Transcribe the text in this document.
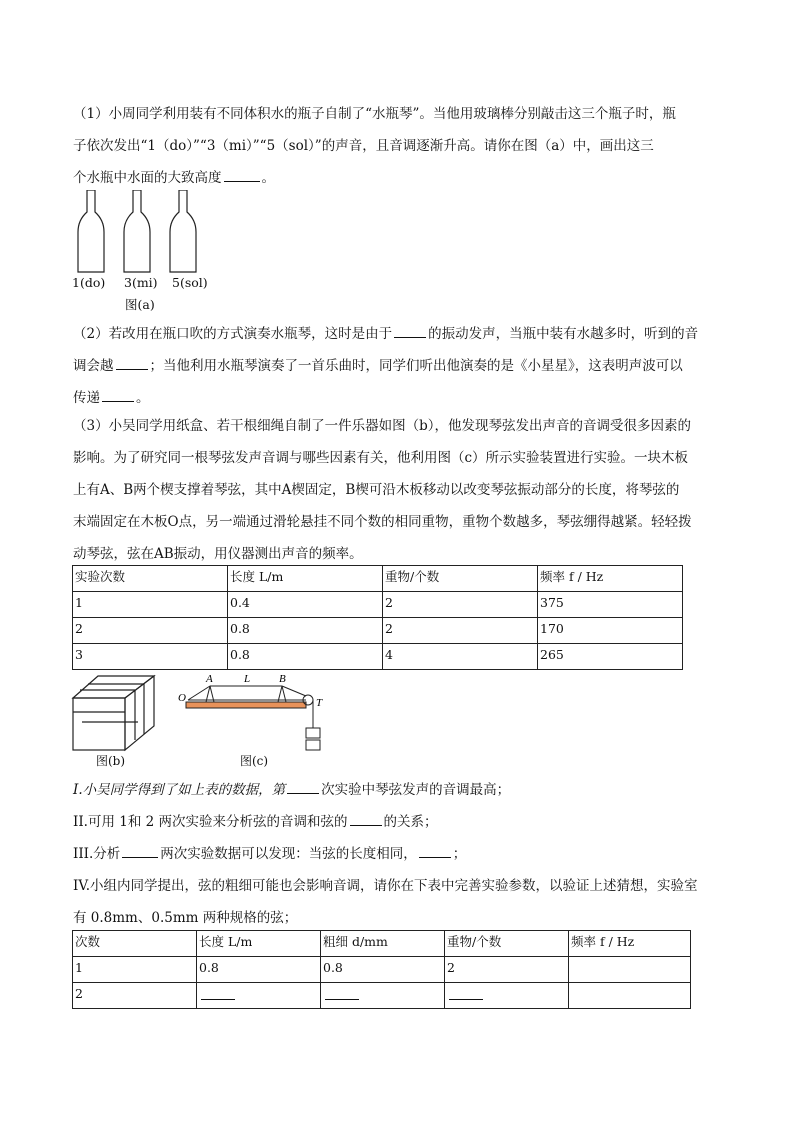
（1）小周同学利用装有不同体积水的瓶子自制了“水瓶琴”。当他用玻璃棒分别敲击这三个瓶子时，瓶
子依次发出“1（do）”“3（mi）”“5（sol）”的声音，且音调逐渐升高。请你在图（a）中，画出这三
个水瓶中水面的大致高度	。
1(do) 3(mi) 5(sol)
图(a)
（2）若改用在瓶口吹的方式演奏水瓶琴，这时是由于	的振动发声，当瓶中装有水越多时，听到的音
调会越	；当他利用水瓶琴演奏了一首乐曲时，同学们听出他演奏的是《小星星》，这表明声波可以
传递	。
（3）小吴同学用纸盒、若干根细绳自制了一件乐器如图（b），他发现琴弦发出声音的音调受很多因素的
影响。为了研究同一根琴弦发声音调与哪些因素有关，他利用图（c）所示实验装置进行实验。一块木板
上有A、B两个楔支撑着琴弦，其中A楔固定，B楔可沿木板移动以改变琴弦振动部分的长度，将琴弦的
末端固定在木板O点，另一端通过滑轮悬挂不同个数的相同重物，重物个数越多，琴弦绷得越紧。轻轻拨
动琴弦，弦在AB振动，用仪器测出声音的频率。
实验次数	长度 L/m	重物/个数	频率 f / Hz
1	0.4	2	375
2	0.8	2	170
3	0.8	4	265
O
A	L	B
T
图(b)	图(c)
I.小吴同学得到了如上表的数据，第	次实验中琴弦发声的音调最高；
II.可用 1和 2 两次实验来分析弦的音调和弦的	的关系；
III.分析	两次实验数据可以发现：当弦的长度相同，	；
IV.小组内同学提出，弦的粗细可能也会影响音调，请你在下表中完善实验参数，以验证上述猜想，实验室
有 0.8mm、0.5mm 两种规格的弦；
次数	长度 L/m	粗细 d/mm	重物/个数	频率 f / Hz
1	0.8	0.8	2	
2				
